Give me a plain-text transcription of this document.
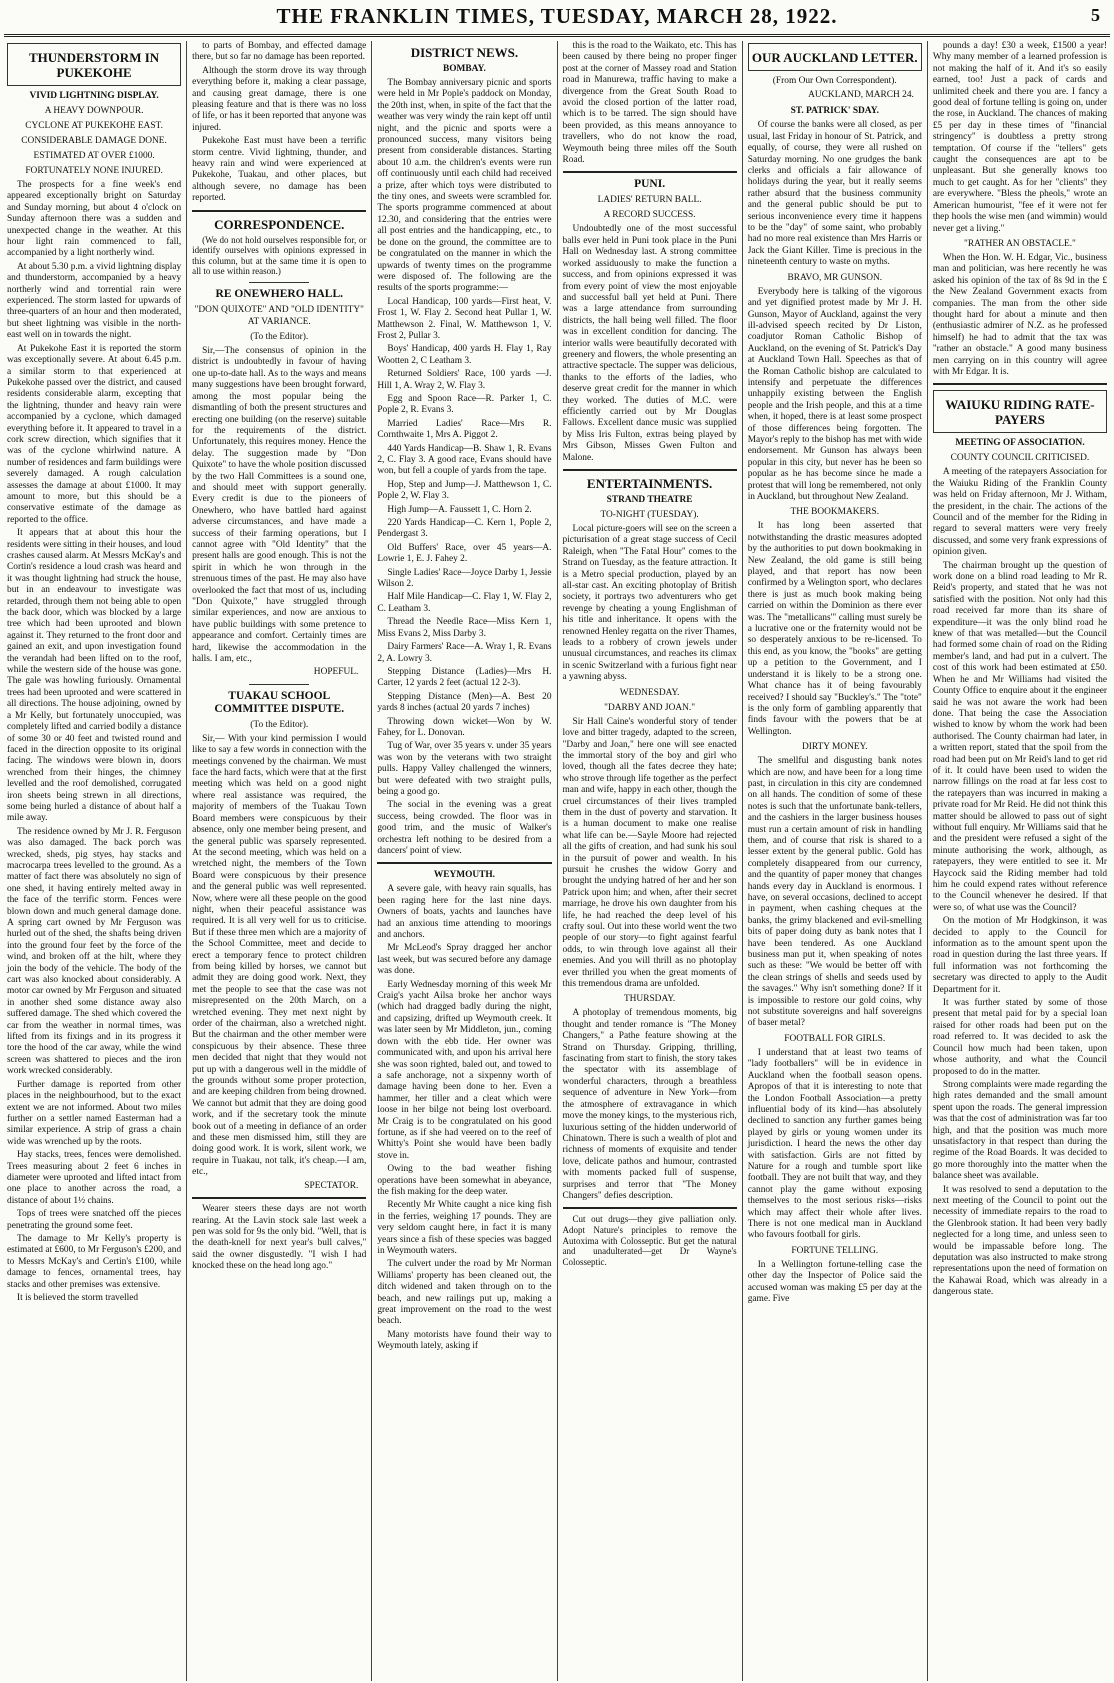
THE FRANKLIN TIMES, TUESDAY, MARCH 28, 1922.	5
THUNDERSTORM IN PUKEKOHE
VIVID LIGHTNING DISPLAY.
A HEAVY DOWNPOUR.
CYCLONE AT PUKEKOHE EAST.
CONSIDERABLE DAMAGE DONE.
ESTIMATED AT OVER £1000.
FORTUNATELY NONE INJURED.

The prospects for a fine week's end appeared exceptionally bright on Saturday and Sunday morning, but about 4 o'clock on Sunday afternoon there was a sudden and unexpected change in the weather. At this hour light rain commenced to fall, accompanied by a light northerly wind.

At about 5.30 p.m. a vivid lightning display and thunderstorm, accompanied by a heavy northerly wind and torrential rain were experienced. The storm lasted for upwards of three-quarters of an hour and then moderated, but sheet lightning was visible in the north-east well on in towards the night.

At Pukekohe East it is reported the storm was exceptionally severe. At about 6.45 p.m. a similar storm to that experienced at Pukekohe passed over the district, and caused residents considerable alarm, excepting that the lightning, thunder and heavy rain were accompanied by a cyclone, which damaged everything before it. It appeared to travel in a cork screw direction, which signifies that it was of the cyclone whirlwind nature. A number of residences and farm buildings were severely damaged. A rough calculation assesses the damage at about £1000. It may amount to more, but this should be a conservative estimate of the damage as reported to the office.

It appears that at about this hour the residents were sitting in their houses, and loud crashes caused alarm. At Messrs McKay's and Cortin's residence a loud crash was heard and it was thought lightning had struck the house, but in an endeavour to investigate was retarded, through them not being able to open the back door, which was blocked by a large tree which had been uprooted and blown against it. They returned to the front door and gained an exit, and upon investigation found the verandah had been lifted on to the roof, while the western side of the house was gone. The gale was howling furiously. Ornamental trees had been uprooted and were scattered in all directions. The house adjoining, owned by a Mr Kelly, but fortunately unoccupied, was completely lifted and carried bodily a distance of some 30 or 40 feet and twisted round and faced in the direction opposite to its original facing. The windows were blown in, doors wrenched from their hinges, the chimney levelled and the roof demolished, corrugated iron sheets being strewn in all directions, some being hurled a distance of about half a mile away.

The residence owned by Mr J. R. Ferguson was also damaged. The back porch was wrecked, sheds, pig styes, hay stacks and macrocarpa trees levelled to the ground. As a matter of fact there was absolutely no sign of one shed, it having entirely melted away in the face of the terrific storm. Fences were blown down and much general damage done. A spring cart owned by Mr Ferguson was hurled out of the shed, the shafts being driven into the ground four feet by the force of the wind, and broken off at the hilt, where they join the body of the vehicle. The body of the cart was also knocked about considerably. A motor car owned by Mr Ferguson and situated in another shed some distance away also suffered damage. The shed which covered the car from the weather in normal times, was lifted from its fixings and in its progress it tore the hood of the car away, while the wind screen was shattered to pieces and the iron work wrecked considerably.

Further damage is reported from other places in the neighbourhood, but to the exact extent we are not informed. About two miles further on a settler named Easterman had a similar experience. A strip of grass a chain wide was wrenched up by the roots.

Hay stacks, trees, fences were demolished. Trees measuring about 2 feet 6 inches in diameter were uprooted and lifted intact from one place to another across the road, a distance of about 1½ chains.

Tops of trees were snatched off the pieces penetrating the ground some feet.

The damage to Mr Kelly's property is estimated at £600, to Mr Ferguson's £200, and to Messrs McKay's and Certin's £100, while damage to fences, ornamental trees, hay stacks and other premises was extensive.

It is believed the storm travelled

to parts of Bombay, and effected damage there, but so far no damage has been reported.

Although the storm drove its way through everything before it, making a clear passage, and causing great damage, there is one pleasing feature and that is there was no loss of life, or has it been reported that anyone was injured.

Pukekohe East must have been a terrific storm centre. Vivid lightning, thunder, and heavy rain and wind were experienced at Pukekohe, Tuakau, and other places, but although severe, no damage has been reported.

CORRESPONDENCE.

(We do not hold ourselves responsible for, or identify ourselves with opinions expressed in this column, but at the same time it is open to all to use within reason.)

RE ONEWHERO HALL.
"DON QUIXOTE" AND "OLD IDENTITY" AT VARIANCE.
(To the Editor).

Sir,—The consensus of opinion in the district is undoubtedly in favour of having one up-to-date hall. As to the ways and means many suggestions have been brought forward, among the most popular being the dismantling of both the present structures and erecting one building (on the reserve) suitable for the requirements of the district. Unfortunately, this requires money. Hence the delay. The suggestion made by "Don Quixote" to have the whole position discussed by the two Hall Committees is a sound one, and should meet with support generally. Every credit is due to the pioneers of Onewhero, who have battled hard against adverse circumstances, and have made a success of their farming operations, but I cannot agree with "Old Identity" that the present halls are good enough. This is not the spirit in which he won through in the strenuous times of the past. He may also have overlooked the fact that most of us, including "Don Quixote," have struggled through similar experiences, and now are anxious to have public buildings with some pretence to appearance and comfort. Certainly times are hard, likewise the accommodation in the halls. I am, etc.,

HOPEFUL.
TUAKAU SCHOOL COMMITTEE DISPUTE.
(To the Editor).

Sir,— With your kind permission I would like to say a few words in connection with the meetings convened by the chairman. We must face the hard facts, which were that at the first meeting which was held on a good night where real assistance was required, the majority of members of the Tuakau Town Board members were conspicuous by their absence, only one member being present, and the general public was sparsely represented. At the second meeting, which was held on a wretched night, the members of the Town Board were conspicuous by their presence and the general public was well represented. Now, where were all these people on the good night, when their peaceful assistance was required. It is all very well for us to criticise. But if these three men which are a majority of the School Committee, meet and decide to erect a temporary fence to protect children from being killed by horses, we cannot but admit they are doing good work. Next, they met the people to see that the case was not misrepresented on the 20th March, on a wretched evening. They met next night by order of the chairman, also a wretched night. But the chairman and the other member were conspicuous by their absence. These three men decided that night that they would not put up with a dangerous well in the middle of the grounds without some proper protection, and are keeping children from being drowned. We cannot but admit that they are doing good work, and if the secretary took the minute book out of a meeting in defiance of an order and these men dismissed him, still they are doing good work. It is work, silent work, we require in Tuakau, not talk, it's cheap.—I am, etc.,

SPECTATOR.

Wearer steers these days are not worth rearing. At the Lavin stock sale last week a pen was sold for 9s the only bid. "Well, that is the death-knell for next year's bull calves," said the owner disgustedly. "I wish I had knocked these on the head long ago."

DISTRICT NEWS.
BOMBAY.

The Bombay anniversary picnic and sports were held in Mr Pople's paddock on Monday, the 20th inst, when, in spite of the fact that the weather was very windy the rain kept off until night, and the picnic and sports were a pronounced success, many visitors being present from considerable distances. Starting about 10 a.m. the children's events were run off continuously until each child had received a prize, after which toys were distributed to the tiny ones, and sweets were scrambled for. The sports programme commenced at about 12.30, and considering that the entries were all post entries and the handicapping, etc., to be done on the ground, the committee are to be congratulated on the manner in which the upwards of twenty times on the programme were disposed of. The following are the results of the sports programme:—

Local Handicap, 100 yards—First heat, V. Frost 1, W. Flay 2. Second heat Pullar 1, W. Matthewson 2. Final, W. Matthewson 1, V. Frost 2, Pullar 3.

Boys' Handicap, 400 yards H. Flay 1, Ray Wootten 2, C Leatham 3.

Returned Soldiers' Race, 100 yards —J. Hill 1, A. Wray 2, W. Flay 3.

Egg and Spoon Race—R. Parker 1, C. Pople 2, R. Evans 3.

Married Ladies' Race—Mrs R. Cornthwaite 1, Mrs A. Piggot 2.

440 Yards Handicap—B. Shaw 1, R. Evans 2, C. Flay 3. A good race, Evans should have won, but fell a couple of yards from the tape.

Hop, Step and Jump—J. Matthewson 1, C. Pople 2, W. Flay 3.

High Jump—A. Faussett 1, C. Horn 2.

220 Yards Handicap—C. Kern 1, Pople 2, Pendergast 3.

Old Buffers' Race, over 45 years—A. Lowrie 1, E. J. Fahey 2.

Single Ladies' Race—Joyce Darby 1, Jessie Wilson 2.

Half Mile Handicap—C. Flay 1, W. Flay 2, C. Leatham 3.

Thread the Needle Race—Miss Kern 1, Miss Evans 2, Miss Darby 3.

Dairy Farmers' Race—A. Wray 1, R. Evans 2, A. Lowry 3.

Stepping Distance (Ladies)—Mrs H. Carter, 12 yards 2 feet (actual 12 2-3).

Stepping Distance (Men)—A. Best 20 yards 8 inches (actual 20 yards 7 inches)

Throwing down wicket—Won by W. Fahey, for L. Donovan.

Tug of War, over 35 years v. under 35 years was won by the veterans with two straight pulls. Happy Valley challenged the winners, but were defeated with two straight pulls, being a good go.

The social in the evening was a great success, being crowded. The floor was in good trim, and the music of Walker's orchestra left nothing to be desired from a dancers' point of view.

WEYMOUTH.

A severe gale, with heavy rain squalls, has been raging here for the last nine days. Owners of boats, yachts and launches have had an anxious time attending to moorings and anchors.

Mr McLeod's Spray dragged her anchor last week, but was secured before any damage was done.

Early Wednesday morning of this week Mr Craig's yacht Ailsa broke her anchor ways (which had dragged badly during the night, and capsizing, drifted up Weymouth creek. It was later seen by Mr Middleton, jun., coming down with the ebb tide. Her owner was communicated with, and upon his arrival here she was soon righted, baled out, and towed to a safe anchorage, not a sixpenny worth of damage having been done to her. Even a hammer, her tiller and a cleat which were loose in her bilge not being lost overboard. Mr Craig is to be congratulated on his good fortune, as if she had veered on to the reef of Whitty's Point she would have been badly stove in.

Owing to the bad weather fishing operations have been somewhat in abeyance, the fish making for the deep water.

Recently Mr White caught a nice king fish in the ferries, weighing 17 pounds. They are very seldom caught here, in fact it is many years since a fish of these species was bagged in Weymouth waters.

The culvert under the road by Mr Norman Williams' property has been cleaned out, the ditch widened and taken through on to the beach, and new railings put up, making a great improvement on the road to the west beach.

Many motorists have found their way to Weymouth lately, asking if

this is the road to the Waikato, etc. This has been caused by there being no proper finger post at the corner of Massey road and Station road in Manurewa, traffic having to make a divergence from the Great South Road to avoid the closed portion of the latter road, which is to be tarred. The sign should have been provided, as this means annoyance to travellers, who do not know the road, Weymouth being three miles off the South Road.

PUNI.
LADIES' RETURN BALL.
A RECORD SUCCESS.

Undoubtedly one of the most successful balls ever held in Puni took place in the Puni Hall on Wednesday last. A strong committee worked assiduously to make the function a success, and from opinions expressed it was from every point of view the most enjoyable and successful ball yet held at Puni. There was a large attendance from surrounding districts, the hall being well filled. The floor was in excellent condition for dancing. The interior walls were beautifully decorated with greenery and flowers, the whole presenting an attractive spectacle. The supper was delicious, thanks to the efforts of the ladies, who deserve great credit for the manner in which they worked. The duties of M.C. were efficiently carried out by Mr Douglas Fallows. Excellent dance music was supplied by Miss Iris Fulton, extras being played by Mrs Gibson, Misses Gwen Fulton and Malone.

ENTERTAINMENTS.
STRAND THEATRE
TO-NIGHT (TUESDAY).

Local picture-goers will see on the screen a picturisation of a great stage success of Cecil Raleigh, when "The Fatal Hour" comes to the Strand on Tuesday, as the feature attraction. It is a Metro special production, played by an all-star cast. An exciting photoplay of British society, it portrays two adventurers who get revenge by cheating a young Englishman of his title and inheritance. It opens with the renowned Henley regatta on the river Thames, leads to a robbery of crown jewels under unusual circumstances, and reaches its climax in scenic Switzerland with a furious fight near a yawning abyss.

WEDNESDAY.
"DARBY AND JOAN."

Sir Hall Caine's wonderful story of tender love and bitter tragedy, adapted to the screen, "Darby and Joan," here one will see enacted the immortal story of the boy and girl who loved, though all the fates decree they hate; who strove through life together as the perfect man and wife, happy in each other, though the cruel circumstances of their lives trampled them in the dust of poverty and starvation. It is a human document to make one realise what life can be.—Sayle Moore had rejected all the gifts of creation, and had sunk his soul in the pursuit of power and wealth. In his pursuit he crushes the widow Gorry and brought the undying hatred of her and her son Patrick upon him; and when, after their secret marriage, he drove his own daughter from his life, he had reached the deep level of his crafty soul. Out into these world went the two people of our story—to fight against fearful odds, to win through love against all their enemies. And you will thrill as no photoplay ever thrilled you when the great moments of this tremendous drama are unfolded.

THURSDAY.

A photoplay of tremendous moments, big thought and tender romance is "The Money Changers," a Pathe feature showing at the Strand on Thursday. Gripping, thrilling, fascinating from start to finish, the story takes the spectator with its assemblage of wonderful characters, through a breathless sequence of adventure in New York—from the atmosphere of extravagance in which move the money kings, to the mysterious rich, luxurious setting of the hidden underworld of Chinatown. There is such a wealth of plot and richness of moments of exquisite and tender love, delicate pathos and humour, contrasted with moments packed full of suspense, surprises and terror that "The Money Changers" defies description.

Cut out drugs—they give palliation only. Adopt Nature's principles to remove the Autoxima with Colosseptic. But get the natural and unadulterated—get Dr Wayne's Colosseptic.

OUR AUCKLAND LETTER.
(From Our Own Correspondent).
AUCKLAND, MARCH 24.
ST. PATRICK' SDAY.

Of course the banks were all closed, as per usual, last Friday in honour of St. Patrick, and equally, of course, they were all rushed on Saturday morning. No one grudges the bank clerks and officials a fair allowance of holidays during the year, but it really seems rather absurd that the business community and the general public should be put to serious inconvenience every time it happens to be the "day" of some saint, who probably had no more real existence than Mrs Harris or Jack the Giant Killer. Time is precious in the nineteenth century to waste on myths.

BRAVO, MR GUNSON.

Everybody here is talking of the vigorous and yet dignified protest made by Mr J. H. Gunson, Mayor of Auckland, against the very ill-advised speech recited by Dr Liston, coadjutor Roman Catholic Bishop of Auckland, on the evening of St. Patrick's Day at Auckland Town Hall. Speeches as that of the Roman Catholic bishop are calculated to intensify and perpetuate the differences unhappily existing between the English people and the Irish people, and this at a time when, it hoped, there is at least some prospect of those differences being forgotten. The Mayor's reply to the bishop has met with wide endorsement. Mr Gunson has always been popular in this city, but never has he been so popular as he has become since he made a protest that will long be remembered, not only in Auckland, but throughout New Zealand.

THE BOOKMAKERS.

It has long been asserted that notwithstanding the drastic measures adopted by the authorities to put down bookmaking in New Zealand, the old game is still being played, and that report has now been confirmed by a Welington sport, who declares there is just as much book making being carried on within the Dominion as there ever was. The "metallicans'" calling must surely be a lucrative one or the fraternity would not be so desperately anxious to be re-licensed. To this end, as you know, the "books" are getting up a petition to the Government, and I understand it is likely to be a strong one. What chance has it of being favourably received? I should say "Buckley's." The "tote" is the only form of gambling apparently that finds favour with the powers that be at Wellington.

DIRTY MONEY.

The smellful and disgusting bank notes which are now, and have been for a long time past, in circulation in this city are condemned on all hands. The condition of some of these notes is such that the unfortunate bank-tellers, and the cashiers in the larger business houses must run a certain amount of risk in handling them, and of course that risk is shared to a lesser extent by the general public. Gold has completely disappeared from our currency, and the quantity of paper money that changes hands every day in Auckland is enormous. I have, on several occasions, declined to accept in payment, when cashing cheques at the banks, the grimy blackened and evil-smelling bits of paper doing duty as bank notes that I have been tendered. As one Auckland business man put it, when speaking of notes such as these: "We would be better off with the clean strings of shells and seeds used by the savages." Why isn't something done? If it is impossible to restore our gold coins, why not substitute sovereigns and half sovereigns of baser metal?

FOOTBALL FOR GIRLS.

I understand that at least two teams of "lady footballers" will be in evidence in Auckland when the football season opens. Apropos of that it is interesting to note that the London Football Association—a pretty influential body of its kind—has absolutely declined to sanction any further games being played by girls or young women under its jurisdiction. I heard the news the other day with satisfaction. Girls are not fitted by Nature for a rough and tumble sport like football. They are not built that way, and they cannot play the game without exposing themselves to the most serious risks—risks which may affect their whole after lives. There is not one medical man in Auckland who favours football for girls.

FORTUNE TELLING.

In a Wellington fortune-telling case the other day the Inspector of Police said the accused woman was making £5 per day at the game. Five

pounds a day! £30 a week, £1500 a year! Why many member of a learned profession is not making the half of it. And it's so easily earned, too! Just a pack of cards and unlimited cheek and there you are. I fancy a good deal of fortune telling is going on, under the rose, in Auckland. The chances of making £5 per day in these times of "financial stringency" is doubtless a pretty strong temptation. Of course if the "tellers" gets caught the consequences are apt to be unpleasant. But she generally knows too much to get caught. As for her "clients" they are everywhere. "Bless the pheols," wrote an American humourist, "fee ef it were not fer thep hools the wise men (and wimmin) would never get a living."

"RATHER AN OBSTACLE."

When the Hon. W. H. Edgar, Vic., business man and politician, was here recently he was asked his opinion of the tax of 8s 9d in the £ the New Zealand Government exacts from companies. The man from the other side thought hard for about a minute and then (enthusiastic admirer of N.Z. as he professed himself) he had to admit that the tax was "rather an obstacle." A good many business men carrying on in this country will agree with Mr Edgar. It is.

WAIUKU RIDING RATE-PAYERS
MEETING OF ASSOCIATION.
COUNTY COUNCIL CRITICISED.

A meeting of the ratepayers Association for the Waiuku Riding of the Franklin County was held on Friday afternoon, Mr J. Witham, the president, in the chair. The actions of the Council and of the member for the Riding in regard to several matters were very freely discussed, and some very frank expressions of opinion given.

The chairman brought up the question of work done on a blind road leading to Mr R. Reid's property, and stated that he was not satisfied with the position. Not only had this road received far more than its share of expenditure—it was the only blind road he knew of that was metalled—but the Council had formed some chain of road on the Riding member's land, and had put in a culvert. The cost of this work had been estimated at £50. When he and Mr Williams had visited the County Office to enquire about it the engineer said he was not aware the work had been done. That being the case the Association wished to know by whom the work had been authorised. The County chairman had later, in a written report, stated that the spoil from the road had been put on Mr Reid's land to get rid of it. It could have been used to widen the narrow fillings on the road at far less cost to the ratepayers than was incurred in making a private road for Mr Reid. He did not think this matter should be allowed to pass out of sight without full enquiry. Mr Williams said that he and the president were refused a sight of the minute authorising the work, although, as ratepayers, they were entitled to see it. Mr Haycock said the Riding member had told him he could expend rates without reference to the Council whenever he desired. If that were so, of what use was the Council?

On the motion of Mr Hodgkinson, it was decided to apply to the Council for information as to the amount spent upon the road in question during the last three years. If full information was not forthcoming the secretary was directed to apply to the Audit Department for it.

It was further stated by some of those present that metal paid for by a special loan raised for other roads had been put on the road referred to. It was decided to ask the Council how much had been taken, upon whose authority, and what the Council proposed to do in the matter.

Strong complaints were made regarding the high rates demanded and the small amount spent upon the roads. The general impression was that the cost of administration was far too high, and that the position was much more unsatisfactory in that respect than during the regime of the Road Boards. It was decided to go more thoroughly into the matter when the balance sheet was available.

It was resolved to send a deputation to the next meeting of the Council to point out the necessity of immediate repairs to the road to the Glenbrook station. It had been very badly neglected for a long time, and unless seen to would be impassable before long. The deputation was also instructed to make strong representations upon the need of formation on the Kahawai Road, which was already in a dangerous state.
